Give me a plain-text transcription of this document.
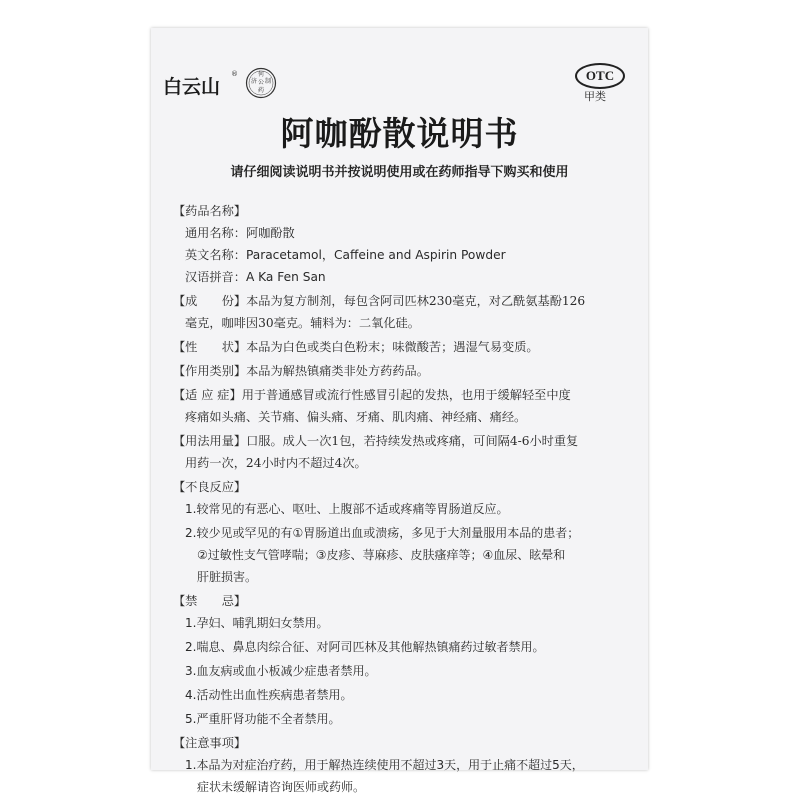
白云山
®	何
济 公 制
药
OTC
甲类
阿咖酚散说明书
请仔细阅读说明书并按说明使用或在药师指导下购买和使用
【药品名称】
通用名称：阿咖酚散
英文名称：Paracetamol，Caffeine and Aspirin Powder
汉语拼音：A Ka Fen San
【成　　份】本品为复方制剂，每包含阿司匹林230毫克，对乙酰氨基酚126
毫克，咖啡因30毫克。辅料为：二氧化硅。
【性　　状】本品为白色或类白色粉末；味微酸苦；遇湿气易变质。
【作用类别】本品为解热镇痛类非处方药药品。
【适 应 症】用于普通感冒或流行性感冒引起的发热，也用于缓解轻至中度
疼痛如头痛、关节痛、偏头痛、牙痛、肌肉痛、神经痛、痛经。
【用法用量】口服。成人一次1包，若持续发热或疼痛，可间隔4-6小时重复
用药一次，24小时内不超过4次。
【不良反应】
1.较常见的有恶心、呕吐、上腹部不适或疼痛等胃肠道反应。
2.较少见或罕见的有①胃肠道出血或溃疡，多见于大剂量服用本品的患者；
②过敏性支气管哮喘；③皮疹、荨麻疹、皮肤瘙痒等；④血尿、眩晕和
肝脏损害。
【禁　　忌】
1.孕妇、哺乳期妇女禁用。
2.喘息、鼻息肉综合征、对阿司匹林及其他解热镇痛药过敏者禁用。
3.血友病或血小板减少症患者禁用。
4.活动性出血性疾病患者禁用。
5.严重肝肾功能不全者禁用。
【注意事项】
1.本品为对症治疗药，用于解热连续使用不超过3天，用于止痛不超过5天，
症状未缓解请咨询医师或药师。
